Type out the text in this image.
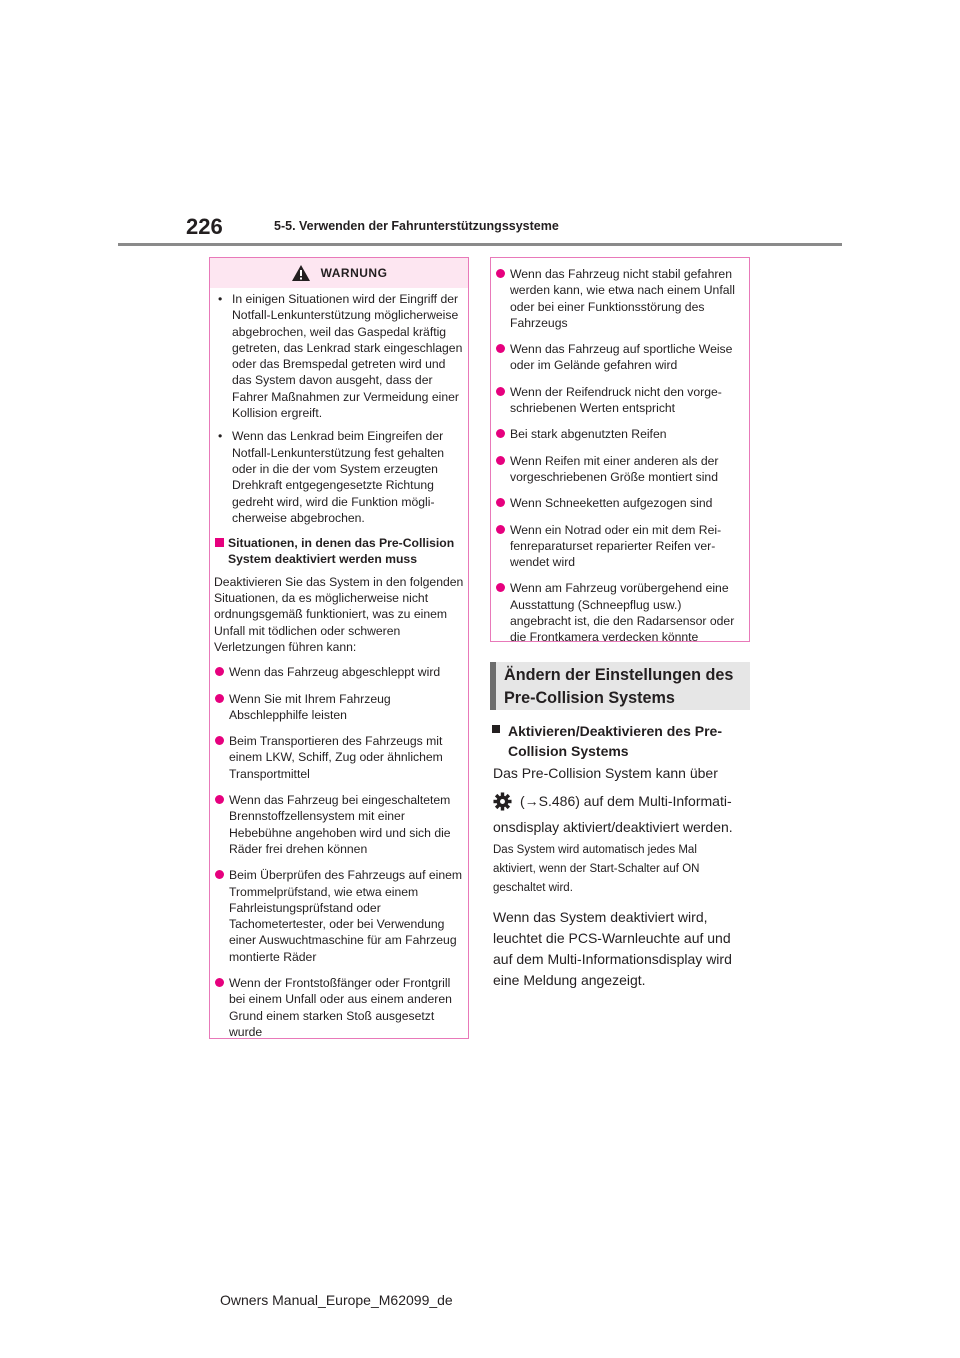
226	5-5. Verwenden der Fahrunterstützungssysteme
WARNUNG
• In einigen Situationen wird der Eingriff der Notfall-Lenkunterstützung möglicherweise abgebrochen, weil das Gaspedal kräftig getreten, das Lenkrad stark eingeschlagen oder das Bremspedal getreten wird und das System davon ausgeht, dass der Fahrer Maßnahmen zur Vermeidung einer Kollision ergreift.
• Wenn das Lenkrad beim Eingreifen der Notfall-Lenkunterstützung fest gehalten oder in die der vom System erzeugten Drehkraft entgegengesetzte Richtung gedreht wird, wird die Funktion möglicherweise abgebrochen.
Situationen, in denen das Pre-Collision System deaktiviert werden muss
Deaktivieren Sie das System in den folgenden Situationen, da es möglicherweise nicht ordnungsgemäß funktioniert, was zu einem Unfall mit tödlichen oder schweren Verletzungen führen kann:
Wenn das Fahrzeug abgeschleppt wird
Wenn Sie mit Ihrem Fahrzeug Abschlepphilfe leisten
Beim Transportieren des Fahrzeugs mit einem LKW, Schiff, Zug oder ähnlichem Transportmittel
Wenn das Fahrzeug bei eingeschaltetem Brennstoffzellensystem mit einer Hebebühne angehoben wird und sich die Räder frei drehen können
Beim Überprüfen des Fahrzeugs auf einem Trommelprüfstand, wie etwa einem Fahrleistungsprüfstand oder Tachometertester, oder bei Verwendung einer Auswuchtmaschine für am Fahrzeug montierte Räder
Wenn der Frontstoßfänger oder Frontgrill bei einem Unfall oder aus einem anderen Grund einem starken Stoß ausgesetzt wurde
Wenn das Fahrzeug nicht stabil gefahren werden kann, wie etwa nach einem Unfall oder bei einer Funktionsstörung des Fahrzeugs
Wenn das Fahrzeug auf sportliche Weise oder im Gelände gefahren wird
Wenn der Reifendruck nicht den vorgeschriebenen Werten entspricht
Bei stark abgenutzten Reifen
Wenn Reifen mit einer anderen als der vorgeschriebenen Größe montiert sind
Wenn Schneeketten aufgezogen sind
Wenn ein Notrad oder ein mit dem Reifenreparaturset reparierter Reifen verwendet wird
Wenn am Fahrzeug vorübergehend eine Ausstattung (Schneepflug usw.) angebracht ist, die den Radarsensor oder die Frontkamera verdecken könnte
Ändern der Einstellungen des
Pre-Collision Systems
Aktivieren/Deaktivieren des Pre-
Collision Systems
Das Pre-Collision System kann über
(→S.486) auf dem Multi-Informati-
onsdisplay aktiviert/deaktiviert werden.
Das System wird automatisch jedes Mal
aktiviert, wenn der Start-Schalter auf ON
geschaltet wird.
Wenn das System deaktiviert wird,
leuchtet die PCS-Warnleuchte auf und
auf dem Multi-Informationsdisplay wird
eine Meldung angezeigt.
Owners Manual_Europe_M62099_de
